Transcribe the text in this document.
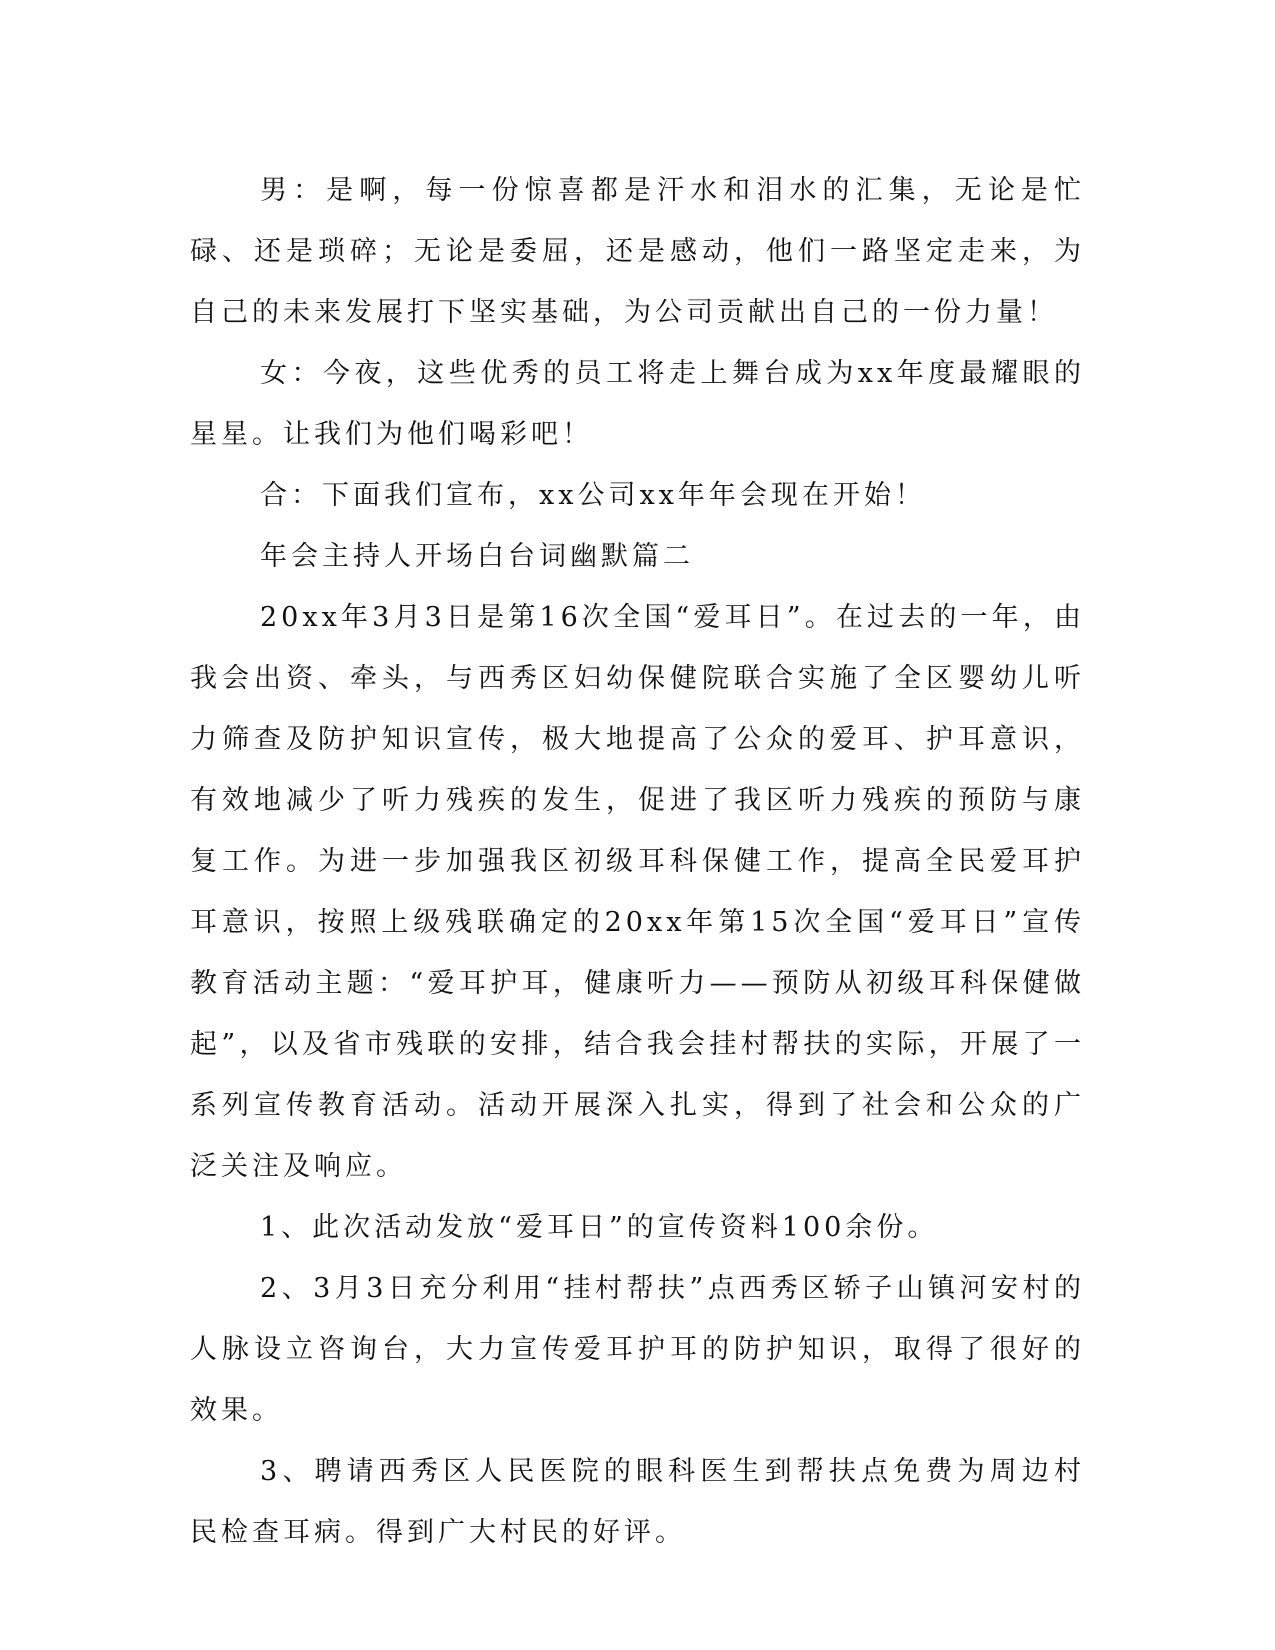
男：是啊，每一份惊喜都是汗水和泪水的汇集，无论是忙碌、还是琐碎；无论是委屈，还是感动，他们一路坚定走来，为自己的未来发展打下坚实基础，为公司贡献出自己的一份力量！

女：今夜，这些优秀的员工将走上舞台成为xx年度最耀眼的星星。让我们为他们喝彩吧！

合：下面我们宣布，xx公司xx年年会现在开始！

年会主持人开场白台词幽默篇二

20xx年3月3日是第16次全国“爱耳日”。在过去的一年，由我会出资、牵头，与西秀区妇幼保健院联合实施了全区婴幼儿听力筛查及防护知识宣传，极大地提高了公众的爱耳、护耳意识，有效地减少了听力残疾的发生，促进了我区听力残疾的预防与康复工作。为进一步加强我区初级耳科保健工作，提高全民爱耳护耳意识，按照上级残联确定的20xx年第15次全国“爱耳日”宣传教育活动主题：“爱耳护耳，健康听力——预防从初级耳科保健做起”，以及省市残联的安排，结合我会挂村帮扶的实际，开展了一系列宣传教育活动。活动开展深入扎实，得到了社会和公众的广泛关注及响应。

1、此次活动发放“爱耳日”的宣传资料100余份。

2、3月3日充分利用“挂村帮扶”点西秀区轿子山镇河安村的人脉设立咨询台，大力宣传爱耳护耳的防护知识，取得了很好的效果。

3、聘请西秀区人民医院的眼科医生到帮扶点免费为周边村民检查耳病。得到广大村民的好评。
